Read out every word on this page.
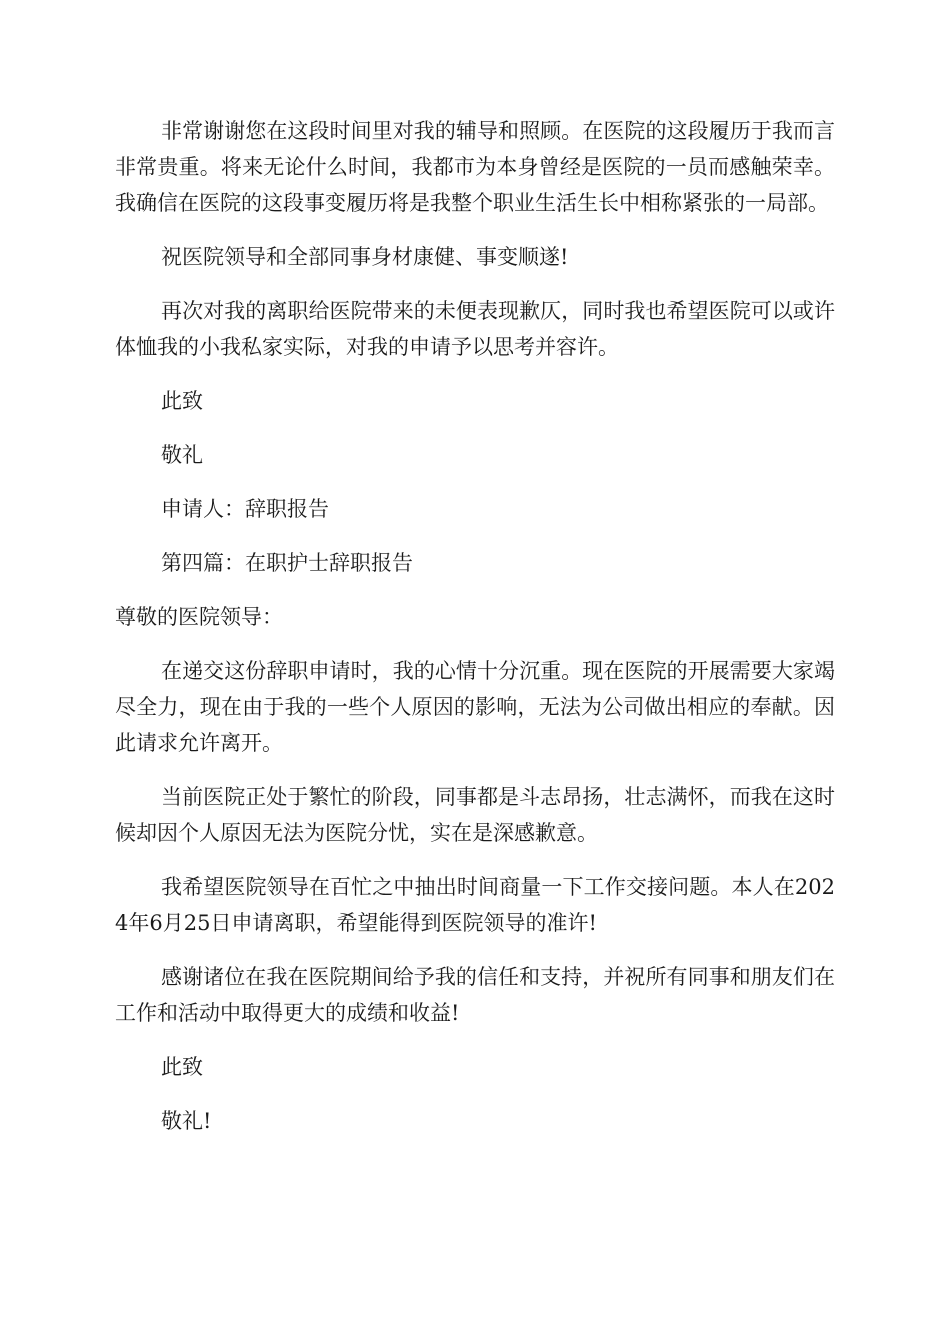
非常谢谢您在这段时间里对我的辅导和照顾。在医院的这段履历于我而言非常贵重。将来无论什么时间，我都市为本身曾经是医院的一员而感触荣幸。我确信在医院的这段事变履历将是我整个职业生活生长中相称紧张的一局部。

祝医院领导和全部同事身材康健、事变顺遂!

再次对我的离职给医院带来的未便表现歉仄，同时我也希望医院可以或许体恤我的小我私家实际，对我的申请予以思考并容许。

此致

敬礼

申请人：辞职报告

第四篇：在职护士辞职报告

尊敬的医院领导：

在递交这份辞职申请时，我的心情十分沉重。现在医院的开展需要大家竭尽全力，现在由于我的一些个人原因的影响，无法为公司做出相应的奉献。因此请求允许离开。

当前医院正处于繁忙的阶段，同事都是斗志昂扬，壮志满怀，而我在这时候却因个人原因无法为医院分忧，实在是深感歉意。

我希望医院领导在百忙之中抽出时间商量一下工作交接问题。本人在2024年6月25日申请离职，希望能得到医院领导的准许!

感谢诸位在我在医院期间给予我的信任和支持，并祝所有同事和朋友们在工作和活动中取得更大的成绩和收益!

此致

敬礼!
